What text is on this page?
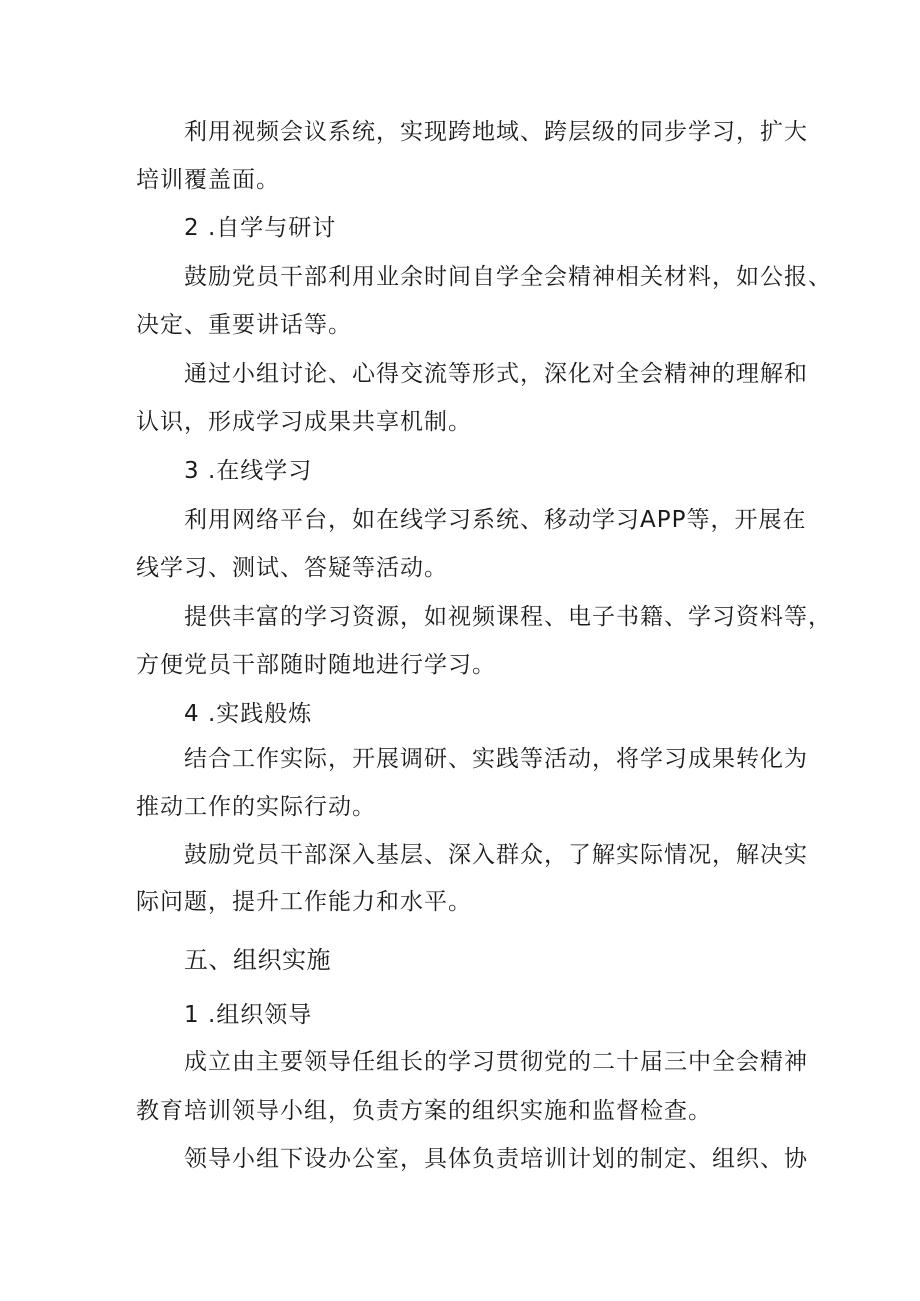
利用视频会议系统，实现跨地域、跨层级的同步学习，扩大
培训覆盖面。
2 .自学与研讨
鼓励党员干部利用业余时间自学全会精神相关材料，如公报、
决定、重要讲话等。
通过小组讨论、心得交流等形式，深化对全会精神的理解和
认识，形成学习成果共享机制。
3 .在线学习
利用网络平台，如在线学习系统、移动学习APP等，开展在
线学习、测试、答疑等活动。
提供丰富的学习资源，如视频课程、电子书籍、学习资料等，
方便党员干部随时随地进行学习。
4 .实践般炼
结合工作实际，开展调研、实践等活动，将学习成果转化为
推动工作的实际行动。
鼓励党员干部深入基层、深入群众，了解实际情况，解决实
际问题，提升工作能力和水平。
五、组织实施
1 .组织领导
成立由主要领导任组长的学习贯彻党的二十届三中全会精神
教育培训领导小组，负责方案的组织实施和监督检查。
领导小组下设办公室，具体负责培训计划的制定、组织、协
